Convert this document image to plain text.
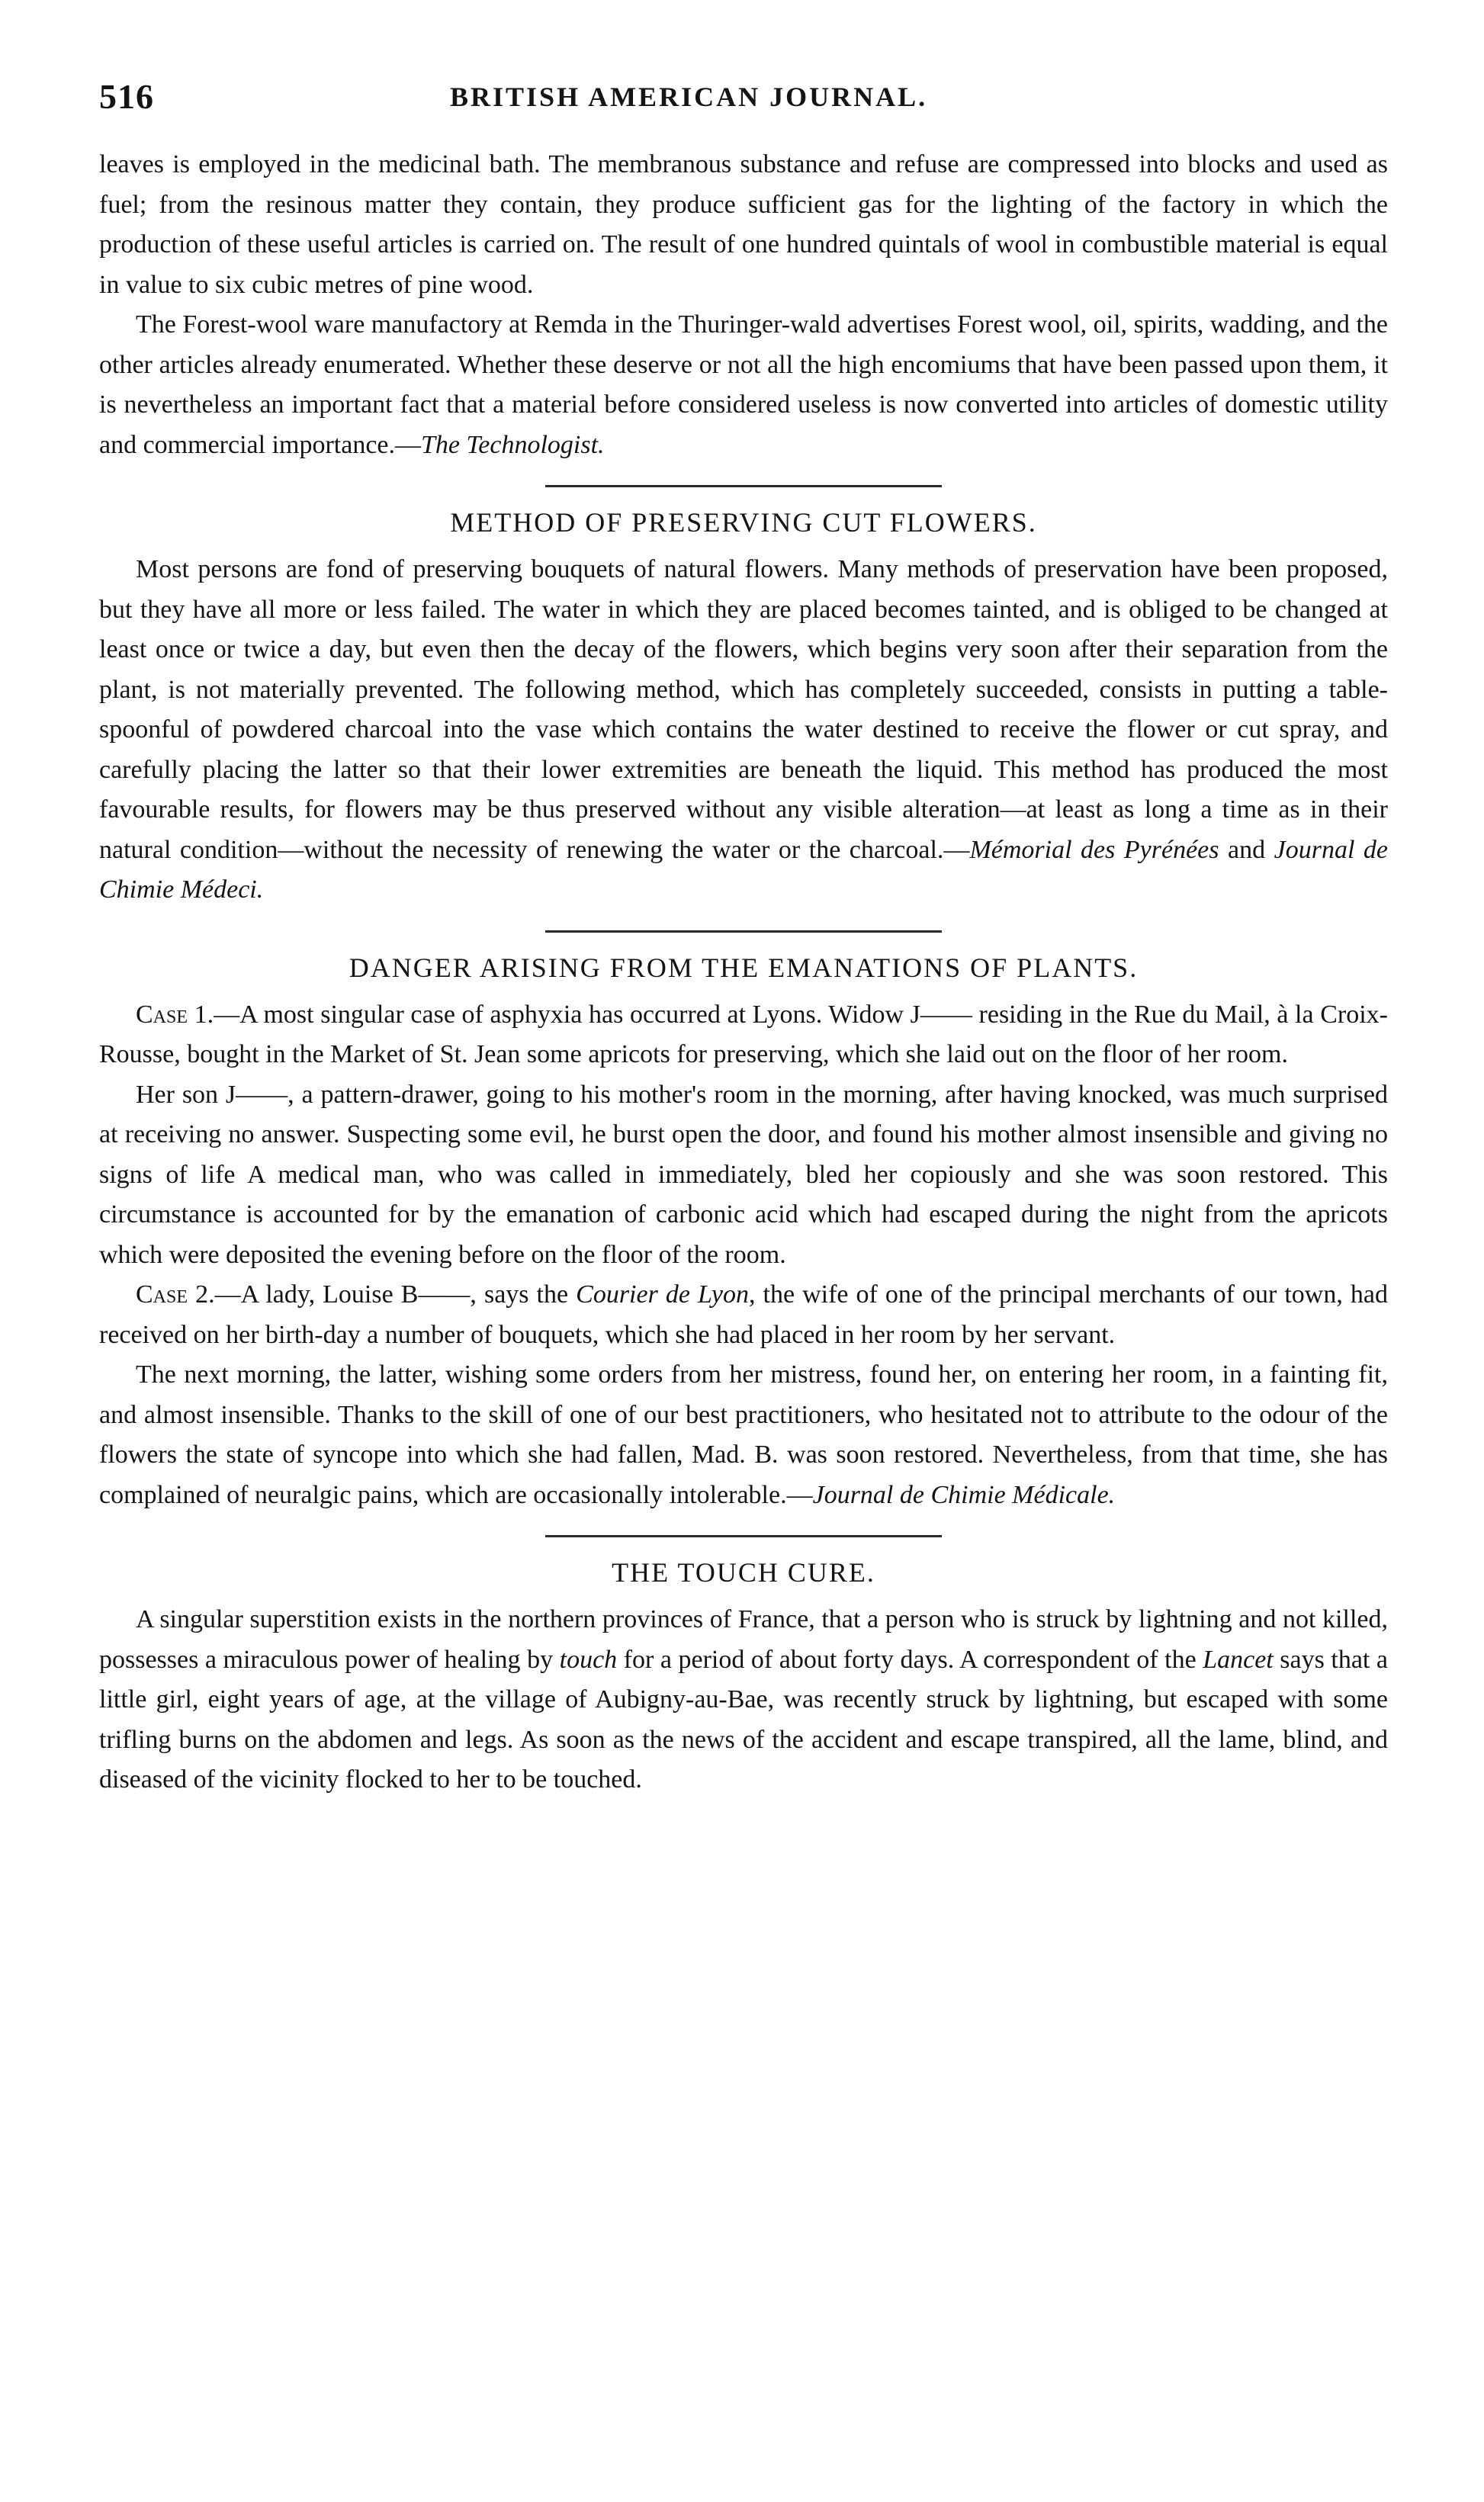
516	BRITISH AMERICAN JOURNAL.

leaves is employed in the medicinal bath. The membranous substance and refuse are compressed into blocks and used as fuel; from the resinous matter they contain, they produce sufficient gas for the lighting of the factory in which the production of these useful articles is carried on. The result of one hundred quintals of wool in combustible material is equal in value to six cubic metres of pine wood.

The Forest-wool ware manufactory at Remda in the Thuringer-wald advertises Forest wool, oil, spirits, wadding, and the other articles already enumerated. Whether these deserve or not all the high encomiums that have been passed upon them, it is nevertheless an important fact that a material before considered useless is now converted into articles of domestic utility and commercial importance.—The Technologist.

METHOD OF PRESERVING CUT FLOWERS.

Most persons are fond of preserving bouquets of natural flowers. Many methods of preservation have been proposed, but they have all more or less failed. The water in which they are placed becomes tainted, and is obliged to be changed at least once or twice a day, but even then the decay of the flowers, which begins very soon after their separation from the plant, is not materially prevented. The following method, which has completely succeeded, consists in putting a table-spoonful of powdered charcoal into the vase which contains the water destined to receive the flower or cut spray, and carefully placing the latter so that their lower extremities are beneath the liquid. This method has produced the most favourable results, for flowers may be thus preserved without any visible alteration—at least as long a time as in their natural condition—without the necessity of renewing the water or the charcoal.—Mémorial des Pyrénées and Journal de Chimie Médeci.

DANGER ARISING FROM THE EMANATIONS OF PLANTS.

Case 1.—A most singular case of asphyxia has occurred at Lyons. Widow J—— residing in the Rue du Mail, à la Croix-Rousse, bought in the Market of St. Jean some apricots for preserving, which she laid out on the floor of her room.

Her son J——, a pattern-drawer, going to his mother's room in the morning, after having knocked, was much surprised at receiving no answer. Suspecting some evil, he burst open the door, and found his mother almost insensible and giving no signs of life A medical man, who was called in immediately, bled her copiously and she was soon restored. This circumstance is accounted for by the emanation of carbonic acid which had escaped during the night from the apricots which were deposited the evening before on the floor of the room.

Case 2.—A lady, Louise B——, says the Courier de Lyon, the wife of one of the principal merchants of our town, had received on her birth-day a number of bouquets, which she had placed in her room by her servant.

The next morning, the latter, wishing some orders from her mistress, found her, on entering her room, in a fainting fit, and almost insensible. Thanks to the skill of one of our best practitioners, who hesitated not to attribute to the odour of the flowers the state of syncope into which she had fallen, Mad. B. was soon restored. Nevertheless, from that time, she has complained of neuralgic pains, which are occasionally intolerable.—Journal de Chimie Médicale.

THE TOUCH CURE.

A singular superstition exists in the northern provinces of France, that a person who is struck by lightning and not killed, possesses a miraculous power of healing by touch for a period of about forty days. A correspondent of the Lancet says that a little girl, eight years of age, at the village of Aubigny-au-Bae, was recently struck by lightning, but escaped with some trifling burns on the abdomen and legs. As soon as the news of the accident and escape transpired, all the lame, blind, and diseased of the vicinity flocked to her to be touched.
